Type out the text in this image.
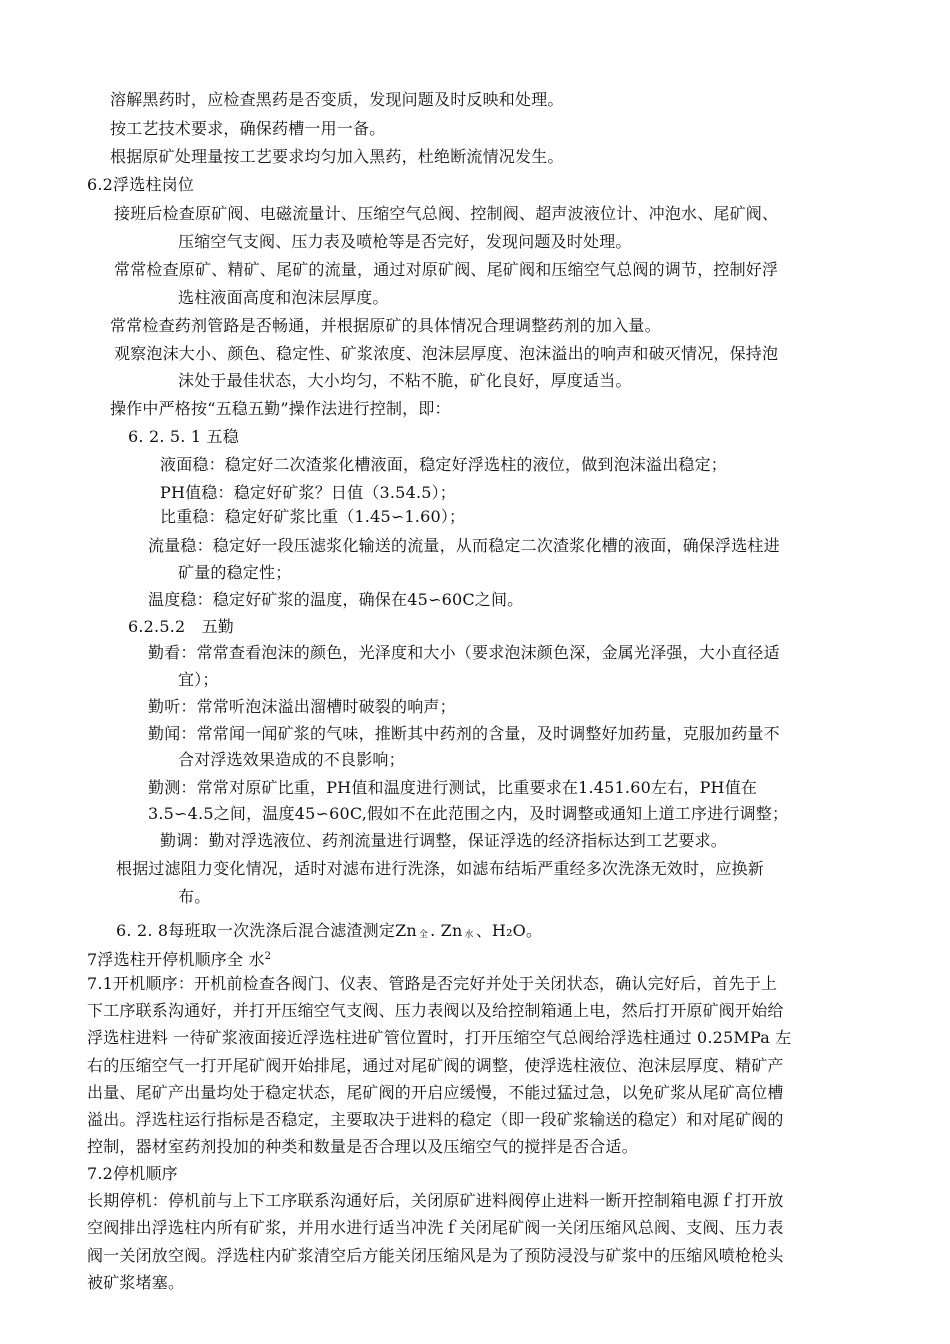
溶解黑药时，应检查黑药是否变质，发现问题及时反映和处理。
按工艺技术要求，确保药槽一用一备。
根据原矿处理量按工艺要求均匀加入黑药，杜绝断流情况发生。
6.2浮选柱岗位
接班后检查原矿阀、电磁流量计、压缩空气总阀、控制阀、超声波液位计、冲泡水、尾矿阀、
压缩空气支阀、压力表及喷枪等是否完好，发现问题及时处理。
常常检查原矿、精矿、尾矿的流量，通过对原矿阀、尾矿阀和压缩空气总阀的调节，控制好浮
选柱液面高度和泡沫层厚度。
常常检查药剂管路是否畅通，并根据原矿的具体情况合理调整药剂的加入量。
观察泡沫大小、颜色、稳定性、矿浆浓度、泡沫层厚度、泡沫溢出的响声和破灭情况，保持泡
沫处于最佳状态，大小均匀，不粘不脆，矿化良好，厚度适当。
操作中严格按“五稳五勤”操作法进行控制，即：
6. 2. 5. 1 五稳
液面稳：稳定好二次渣浆化槽液面，稳定好浮选柱的液位，做到泡沫溢出稳定；
PH值稳：稳定好矿浆？日值（3.54.5）；
比重稳：稳定好矿浆比重（1.45∽1.60）；
流量稳：稳定好一段压滤浆化输送的流量，从而稳定二次渣浆化槽的液面，确保浮选柱进
矿量的稳定性；
温度稳：稳定好矿浆的温度，确保在45∽60C之间。
6.2.5.2　五勤
勤看：常常查看泡沫的颜色，光泽度和大小（要求泡沫颜色深，金属光泽强，大小直径适
宜）；
勤听：常常听泡沫溢出溜槽时破裂的响声；
勤闻：常常闻一闻矿浆的气味，推断其中药剂的含量，及时调整好加药量，克服加药量不
合对浮选效果造成的不良影响；
勤测：常常对原矿比重，PH值和温度进行测试，比重要求在1.451.60左右，PH值在
3.5∽4.5之间，温度45∽60C,假如不在此范围之内，及时调整或通知上道工序进行调整；
勤调：勤对浮选液位、药剂流量进行调整，保证浮选的经济指标达到工艺要求。
根据过滤阻力变化情况，适时对滤布进行洗涤，如滤布结垢严重经多次洗涤无效时，应换新
布。
6. 2. 8每班取一次洗涤后混合滤渣测定Zn 全 . Zn 水 、H₂O。
7浮选柱开停机顺序全 水$^2$
7.1开机顺序：开机前检查各阀门、仪表、管路是否完好并处于关闭状态，确认完好后，首先于上
下工序联系沟通好，并打开压缩空气支阀、压力表阀以及给控制箱通上电，然后打开原矿阀开始给
浮选柱进料 一待矿浆液面接近浮选柱进矿管位置时，打开压缩空气总阀给浮选柱通过 0.25MPa 左
右的压缩空气一打开尾矿阀开始排尾，通过对尾矿阀的调整，使浮选柱液位、泡沫层厚度、精矿产
出量、尾矿产出量均处于稳定状态，尾矿阀的开启应缓慢，不能过猛过急，以免矿浆从尾矿高位槽
溢出。浮选柱运行指标是否稳定，主要取决于进料的稳定（即一段矿浆输送的稳定）和对尾矿阀的
控制，器材室药剂投加的种类和数量是否合理以及压缩空气的搅拌是否合适。
7.2停机顺序
长期停机：停机前与上下工序联系沟通好后，关闭原矿进料阀停止进料一断开控制箱电源ｆ打开放
空阀排出浮选柱内所有矿浆，并用水进行适当冲洗ｆ关闭尾矿阀一关闭压缩风总阀、支阀、压力表
阀一关闭放空阀。浮选柱内矿浆清空后方能关闭压缩风是为了预防浸没与矿浆中的压缩风喷枪枪头
被矿浆堵塞。
